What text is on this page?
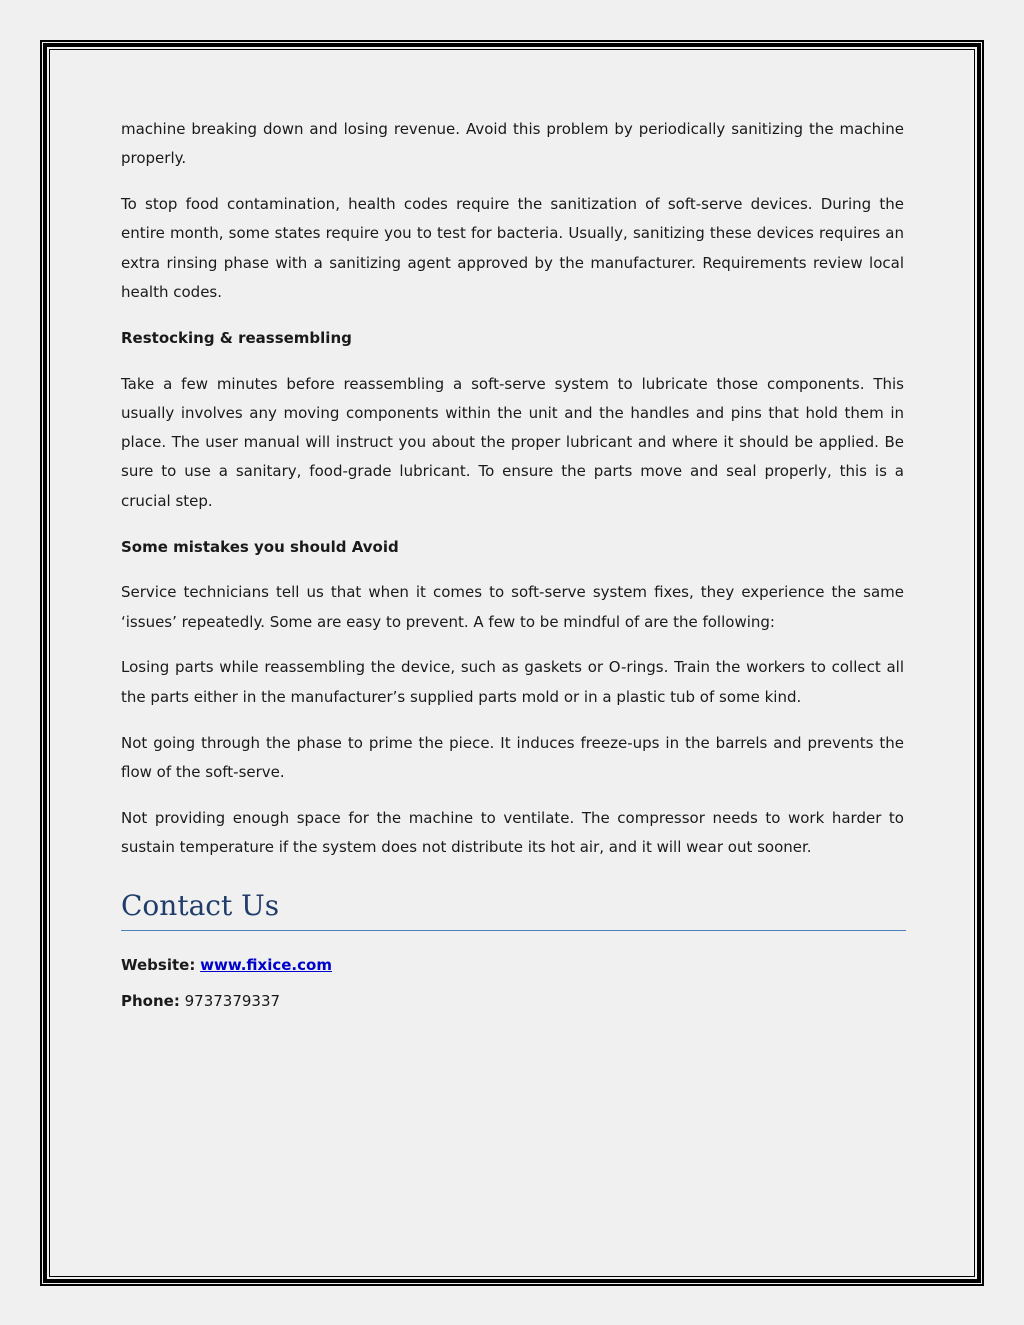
machine breaking down and losing revenue. Avoid this problem by periodically sanitizing the machine properly.

To stop food contamination, health codes require the sanitization of soft-serve devices. During the entire month, some states require you to test for bacteria. Usually, sanitizing these devices requires an extra rinsing phase with a sanitizing agent approved by the manufacturer. Requirements review local health codes.

Restocking & reassembling

Take a few minutes before reassembling a soft-serve system to lubricate those components. This usually involves any moving components within the unit and the handles and pins that hold them in place. The user manual will instruct you about the proper lubricant and where it should be applied. Be sure to use a sanitary, food-grade lubricant. To ensure the parts move and seal properly, this is a crucial step.

Some mistakes you should Avoid

Service technicians tell us that when it comes to soft-serve system fixes, they experience the same ‘issues’ repeatedly. Some are easy to prevent. A few to be mindful of are the following:

Losing parts while reassembling the device, such as gaskets or O-rings. Train the workers to collect all the parts either in the manufacturer’s supplied parts mold or in a plastic tub of some kind.

Not going through the phase to prime the piece. It induces freeze-ups in the barrels and prevents the flow of the soft-serve.

Not providing enough space for the machine to ventilate. The compressor needs to work harder to sustain temperature if the system does not distribute its hot air, and it will wear out sooner.

Contact Us
Website: www.fixice.com
Phone: 9737379337
